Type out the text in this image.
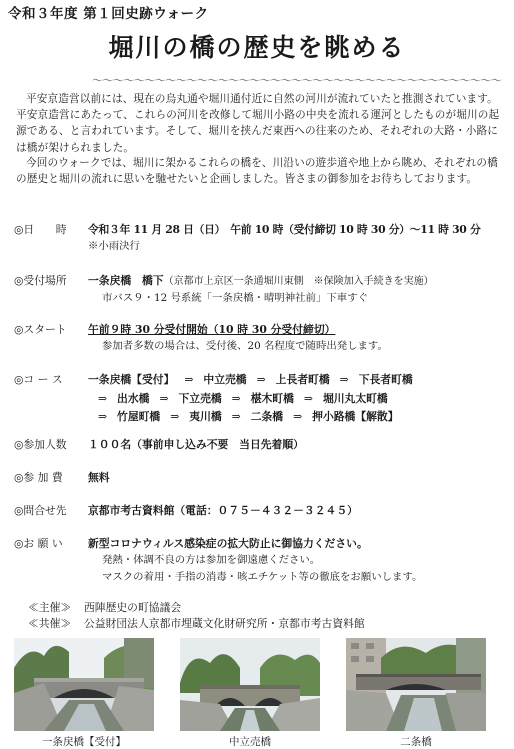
令和３年度 第１回史跡ウォーク
堀川の橋の歴史を眺める
～～～～～～～～～～～～～～～～～～～～～～～～～～～～～～～～～～～～～～～
平安京造営以前には、現在の烏丸通や堀川通付近に自然の河川が流れていたと推測されています。平安京造営にあたって、これらの河川を改修して堀川小路の中央を流れる運河としたものが堀川の起源である、と言われています。そして、堀川を挟んだ東西への往来のため、それぞれの大路・小路には橋が架けられました。
今回のウォークでは、堀川に架かるこれらの橋を、川沿いの遊歩道や地上から眺め、それぞれの橋の歴史と堀川の流れに思いを馳せたいと企画しました。皆さまの御参加をお待ちしております。
◎日　　時 令和３年 11 月 28 日（日）　午前 10 時（受付締切 10 時 30 分）～11 時 30 分
※小雨決行
◎受付場所 一条戻橋　橋下（京都市上京区一条通堀川東側　※保険加入手続きを実施）
市バス９・12 号系統「一条戻橋・晴明神社前」下車すぐ
◎スタート 午前９時 30 分受付開始（10 時 30 分受付締切）
参加者多数の場合は、受付後、20 名程度で随時出発します。
◎コ ー ス 一条戻橋【受付】 ⇒ 中立売橋 ⇒ 上長者町橋 ⇒ 下長者町橋
⇒ 出水橋 ⇒ 下立売橋 ⇒ 椹木町橋 ⇒ 堀川丸太町橋
⇒ 竹屋町橋 ⇒ 夷川橋 ⇒ 二条橋 ⇒ 押小路橋【解散】
◎参加人数 １００名（事前申し込み不要　当日先着順）
◎参 加 費 無料
◎問合せ先 京都市考古資料館（電話：０７５－４３２－３２４５）
◎お 願 い 新型コロナウィルス感染症の拡大防止に御協力ください。
発熱・体調不良の方は参加を御遠慮ください。
マスクの着用・手指の消毒・咳エチケット等の徹底をお願いします。
≪主催≫ 西陣歴史の町協議会
≪共催≫ 公益財団法人京都市埋蔵文化財研究所・京都市考古資料館
一条戻橋【受付】	中立売橋	二条橋
